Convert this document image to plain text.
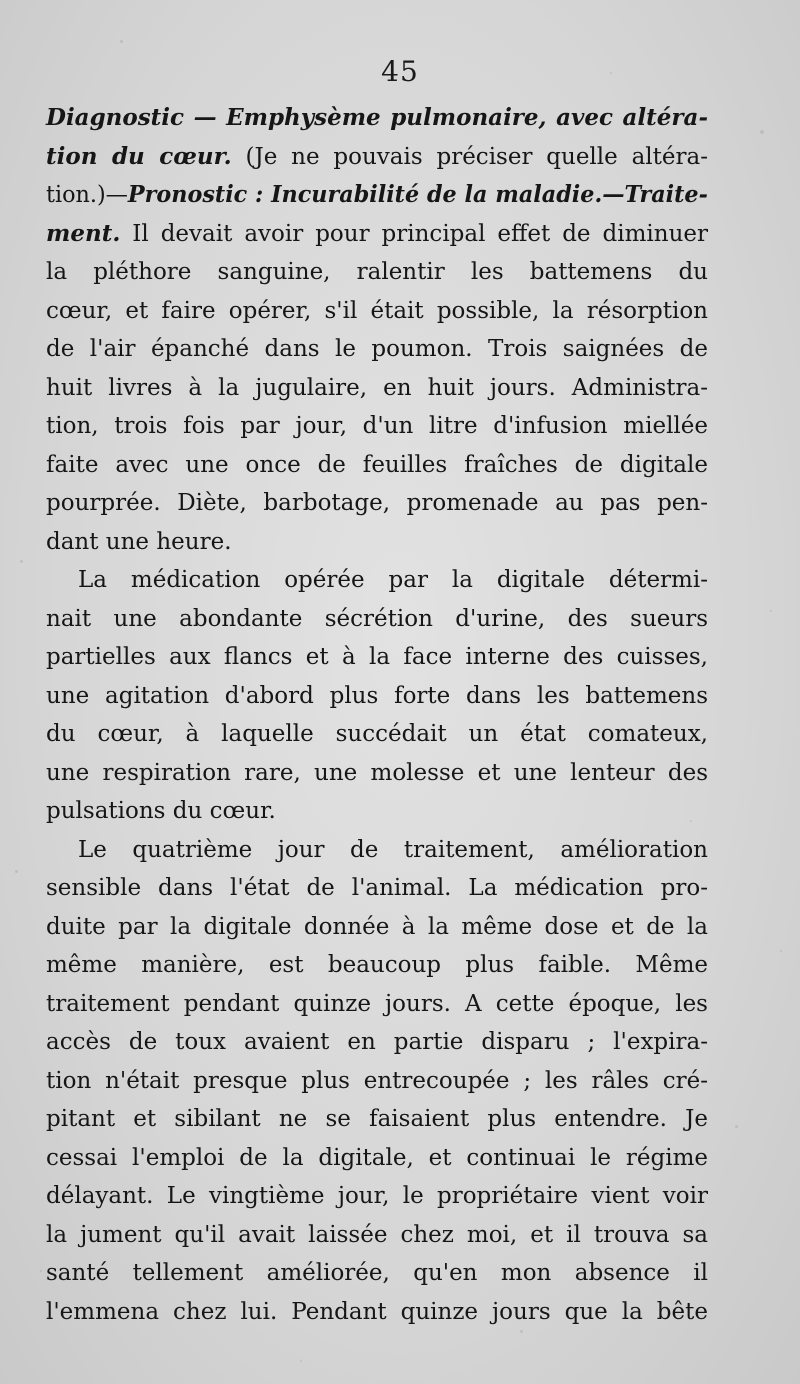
45
Diagnostic — Emphysème pulmonaire, avec altéra-
tion du cœur. (Je ne pouvais préciser quelle altéra-
tion.)—Pronostic : Incurabilité de la maladie.—Traite-
ment. Il devait avoir pour principal effet de diminuer
la pléthore sanguine, ralentir les battemens du
cœur, et faire opérer, s'il était possible, la résorption
de l'air épanché dans le poumon. Trois saignées de
huit livres à la jugulaire, en huit jours. Administra-
tion, trois fois par jour, d'un litre d'infusion miellée
faite avec une once de feuilles fraîches de digitale
pourprée. Diète, barbotage, promenade au pas pen-
dant une heure.
La médication opérée par la digitale détermi-
nait une abondante sécrétion d'urine, des sueurs
partielles aux flancs et à la face interne des cuisses,
une agitation d'abord plus forte dans les battemens
du cœur, à laquelle succédait un état comateux,
une respiration rare, une molesse et une lenteur des
pulsations du cœur.
Le quatrième jour de traitement, amélioration
sensible dans l'état de l'animal. La médication pro-
duite par la digitale donnée à la même dose et de la
même manière, est beaucoup plus faible. Même
traitement pendant quinze jours. A cette époque, les
accès de toux avaient en partie disparu ; l'expira-
tion n'était presque plus entrecoupée ; les râles cré-
pitant et sibilant ne se faisaient plus entendre. Je
cessai l'emploi de la digitale, et continuai le régime
délayant. Le vingtième jour, le propriétaire vient voir
la jument qu'il avait laissée chez moi, et il trouva sa
santé tellement améliorée, qu'en mon absence il
l'emmena chez lui. Pendant quinze jours que la bête
